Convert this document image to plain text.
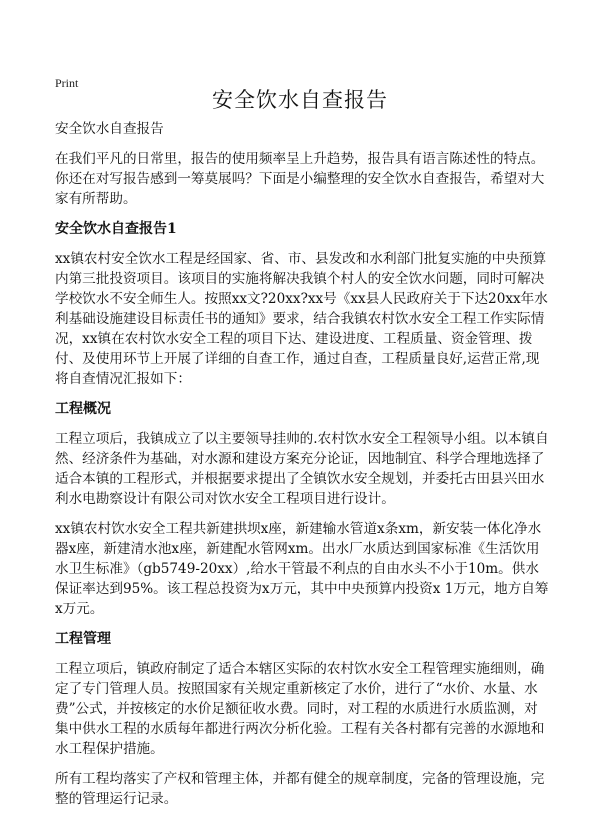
Print
安全饮水自查报告

安全饮水自查报告

在我们平凡的日常里，报告的使用频率呈上升趋势，报告具有语言陈述性的特点。你还在对写报告感到一筹莫展吗？下面是小编整理的安全饮水自查报告，希望对大家有所帮助。

安全饮水自查报告1

xx镇农村安全饮水工程是经国家、省、市、县发改和水利部门批复实施的中央预算内第三批投资项目。该项目的实施将解决我镇个村人的安全饮水问题，同时可解决学校饮水不安全师生人。按照xx文?20xx?xx号《xx县人民政府关于下达20xx年水利基础设施建设目标责任书的通知》要求，结合我镇农村饮水安全工程工作实际情况，xx镇在农村饮水安全工程的项目下达、建设进度、工程质量、资金管理、拨付、及使用环节上开展了详细的自查工作，通过自查，工程质量良好,运营正常,现将自查情况汇报如下：

工程概况

工程立项后，我镇成立了以主要领导挂帅的.农村饮水安全工程领导小组。以本镇自然、经济条件为基础，对水源和建设方案充分论证，因地制宜、科学合理地选择了适合本镇的工程形式，并根据要求提出了全镇饮水安全规划，并委托古田县兴田水利水电勘察设计有限公司对饮水安全工程项目进行设计。

xx镇农村饮水安全工程共新建拱坝x座，新建输水管道x条xm，新安装一体化净水器x座，新建清水池x座，新建配水管网xm。出水厂水质达到国家标准《生活饮用水卫生标准》（gb5749-20xx）,给水干管最不利点的自由水头不小于10m。供水保证率达到95%。该工程总投资为x万元，其中中央预算内投资x 1万元，地方自筹x万元。

工程管理

工程立项后，镇政府制定了适合本辖区实际的农村饮水安全工程管理实施细则，确定了专门管理人员。按照国家有关规定重新核定了水价，进行了“水价、水量、水费”公式，并按核定的水价足额征收水费。同时，对工程的水质进行水质监测，对集中供水工程的水质每年都进行两次分析化验。工程有关各村都有完善的水源地和水工程保护措施。

所有工程均落实了产权和管理主体，并都有健全的规章制度，完备的管理设施，完整的管理运行记录。
